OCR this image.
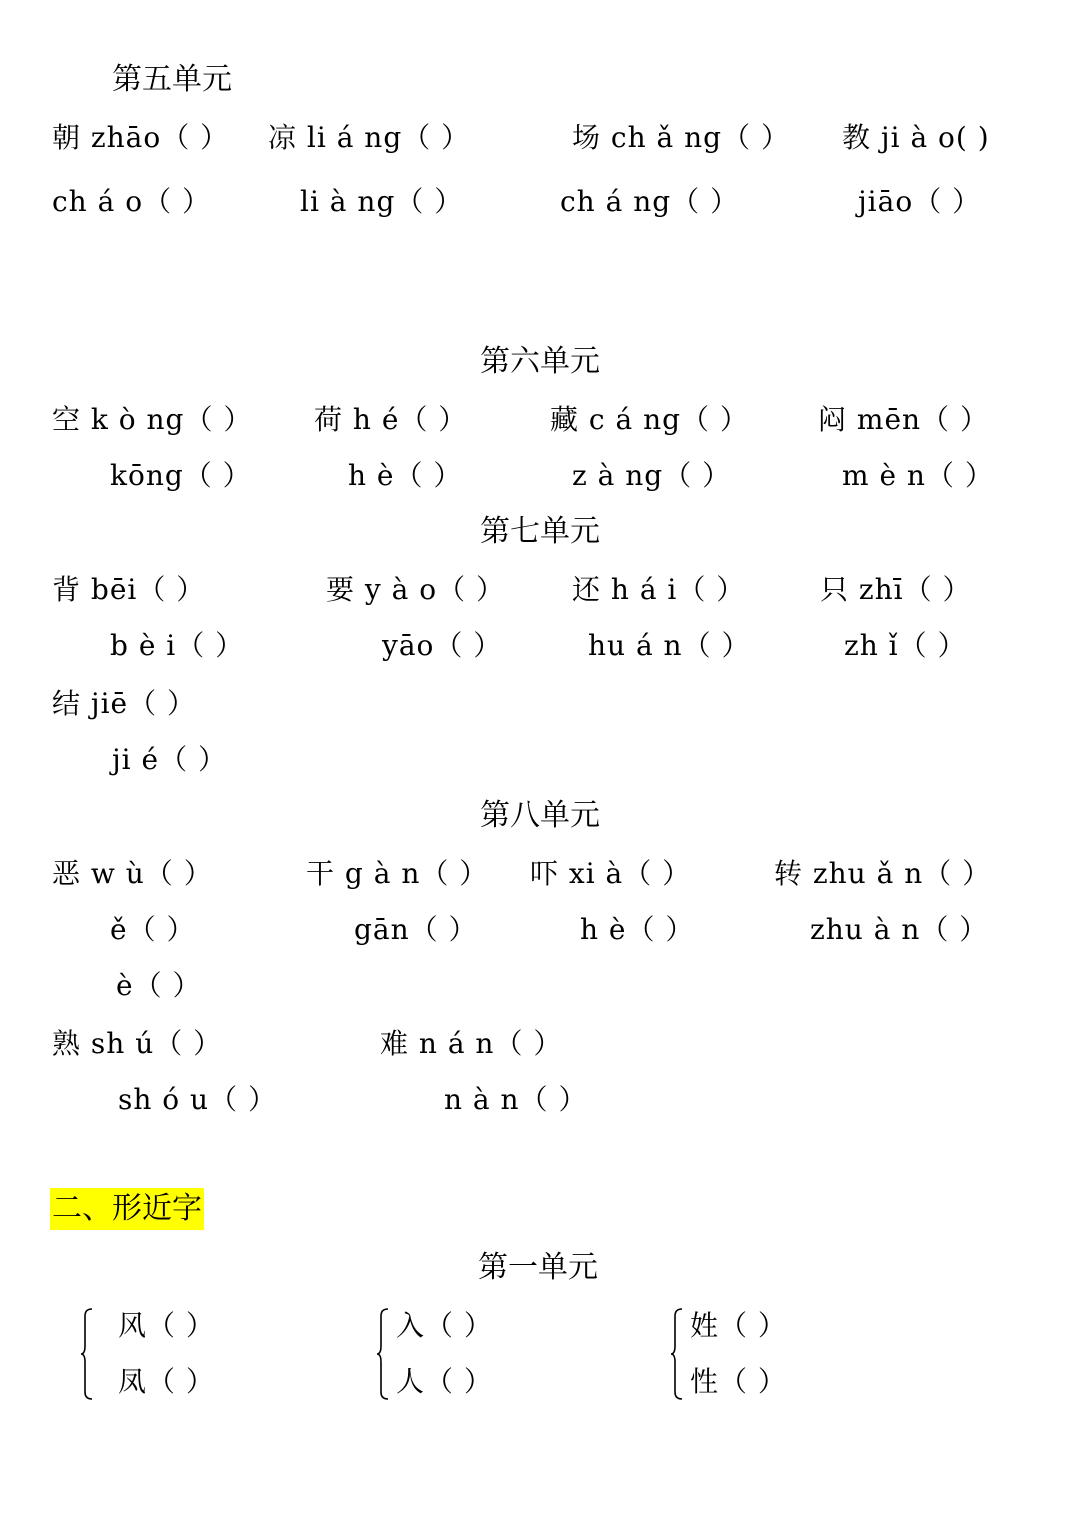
第五单元
朝 zhāo（ ） 凉 li á ng（ ）	场 ch ǎ ng（ ） 教 ji à o( )
ch á o（ ）	li à ng（ ）	ch á ng（ ）	jiāo（ ）
第六单元
空 k ò ng（ ） 荷 h é（ ）	藏 c á ng（ ） 闷 mēn（ ）
kōng（ ）	h è（ ）	z à ng（ ）	m è n（ ）
第七单元
背 bēi（ ）	要 y à o（ ） 还 h á i（ ）	只 zhī（ ）
b è i（ ）	yāo（ ）	hu á n（ ）	zh ǐ（ ）
结 jiē（ ）
ji é（ ）
第八单元
恶 w ù（ ）	干 g à n（ ） 吓 xi à（ ）	转 zhu ǎ n（ ）
ě（ ）	gān（ ）	h è（ ）	zhu à n（ ）
è（ ）
熟 sh ú（ ）	难 n á n（ ）
sh ó u（ ）	n à n（ ）
二、形近字
第一单元
风（ ）
凤（ ）
入（ ）
人（ ）
姓（ ）
性（ ）
